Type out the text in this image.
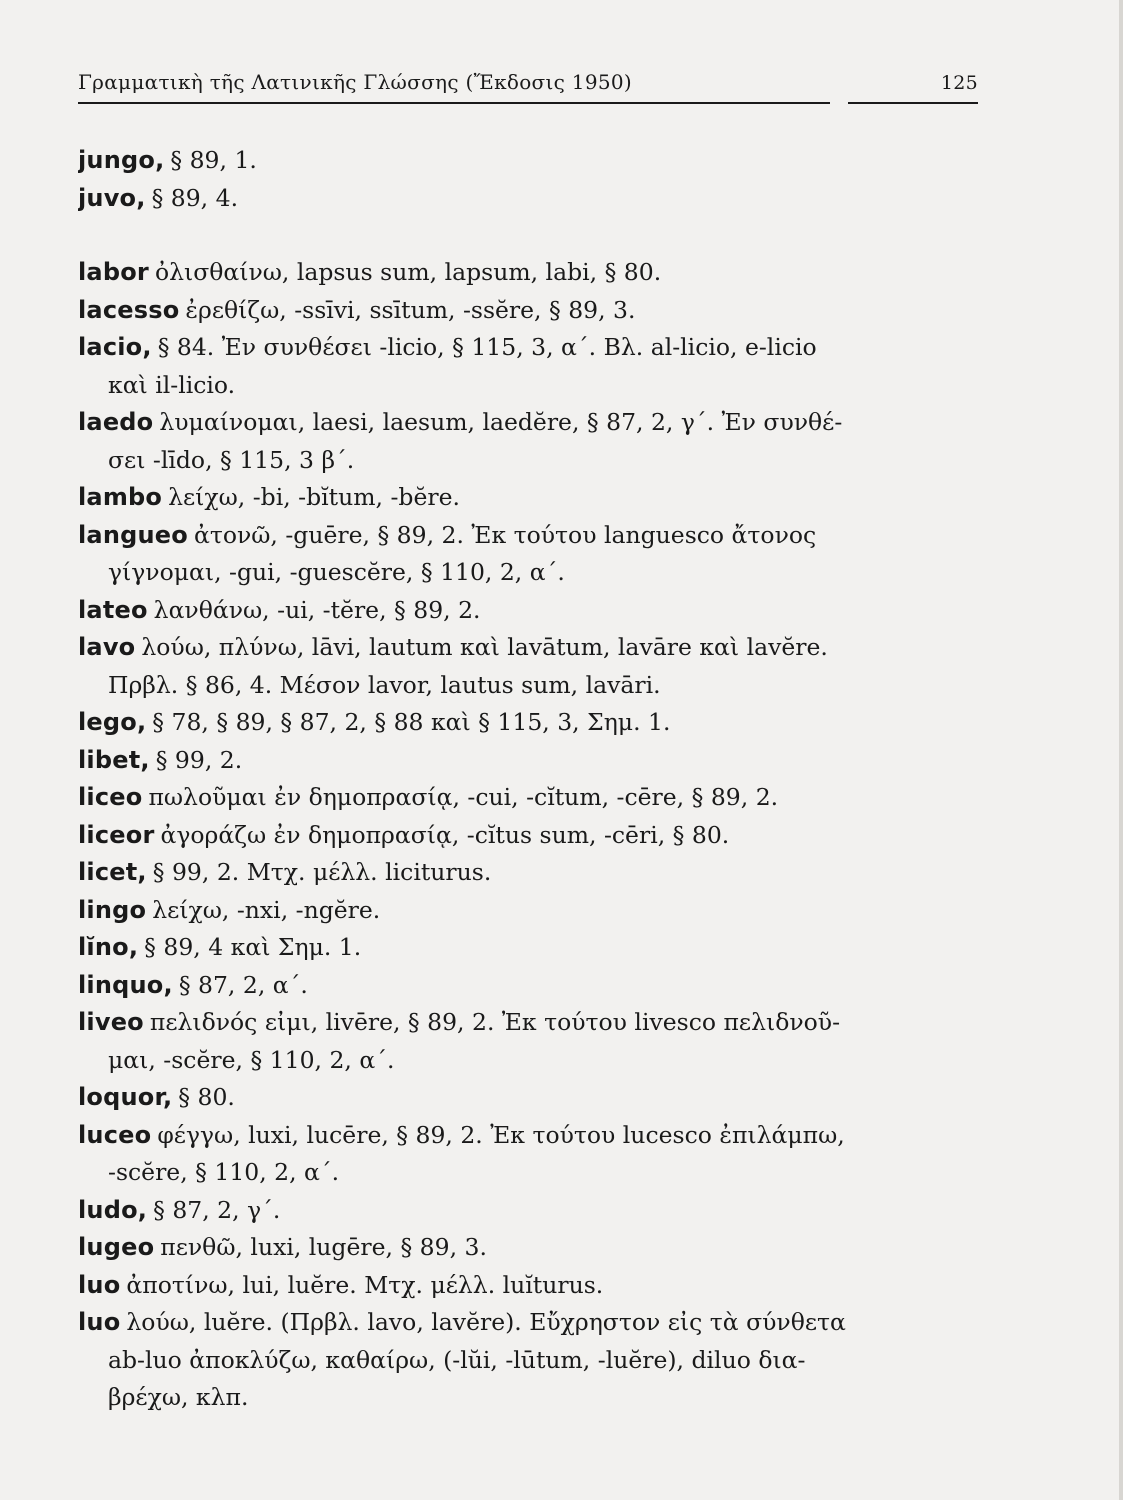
Γραμματικὴ τῆς Λατινικῆς Γλώσσης (Ἔκδοσις 1950)	125
jungo, § 89, 1.
juvo, § 89, 4.
labor ὀλισθαίνω, lapsus sum, lapsum, labi, § 80.
lacesso ἐρεθίζω, -ssīvi, ssītum, -ssĕre, § 89, 3.
lacio, § 84. Ἐν συνθέσει -licio, § 115, 3, α΄. Βλ. al-licio, e-licio
καὶ il-licio.
laedo λυμαίνομαι, laesi, laesum, laedĕre, § 87, 2, γ΄. Ἐν συνθέ-
σει -līdo, § 115, 3 β΄.
lambo λείχω, -bi, -bĭtum, -bĕre.
langueo ἀτονῶ, -guēre, § 89, 2. Ἐκ τούτου languesco ἄτονος
γίγνομαι, -gui, -guescĕre, § 110, 2, α΄.
lateo λανθάνω, -ui, -tĕre, § 89, 2.
lavo λούω, πλύνω, lāvi, lautum καὶ lavātum, lavāre καὶ lavĕre.
Πρβλ. § 86, 4. Μέσον lavor, lautus sum, lavāri.
lego, § 78, § 89, § 87, 2, § 88 καὶ § 115, 3, Σημ. 1.
libet, § 99, 2.
liceo πωλοῦμαι ἐν δημοπρασίᾳ, -cui, -cĭtum, -cēre, § 89, 2.
liceor ἀγοράζω ἐν δημοπρασίᾳ, -cĭtus sum, -cēri, § 80.
licet, § 99, 2. Μτχ. μέλλ. liciturus.
lingo λείχω, -nxi, -ngĕre.
lĭno, § 89, 4 καὶ Σημ. 1.
linquo, § 87, 2, α΄.
liveo πελιδνός εἰμι, livēre, § 89, 2. Ἐκ τούτου livesco πελιδνοῦ-
μαι, -scĕre, § 110, 2, α΄.
loquor, § 80.
luceo φέγγω, luxi, lucēre, § 89, 2. Ἐκ τούτου lucesco ἐπιλάμπω,
-scĕre, § 110, 2, α΄.
ludo, § 87, 2, γ΄.
lugeo πενθῶ, luxi, lugēre, § 89, 3.
luo ἀποτίνω, lui, luĕre. Μτχ. μέλλ. luĭturus.
luo λούω, luĕre. (Πρβλ. lavo, lavĕre). Εὔχρηστον εἰς τὰ σύνθετα
ab-luo ἀποκλύζω, καθαίρω, (-lŭi, -lūtum, -luĕre), diluo δια-
βρέχω, κλπ.
